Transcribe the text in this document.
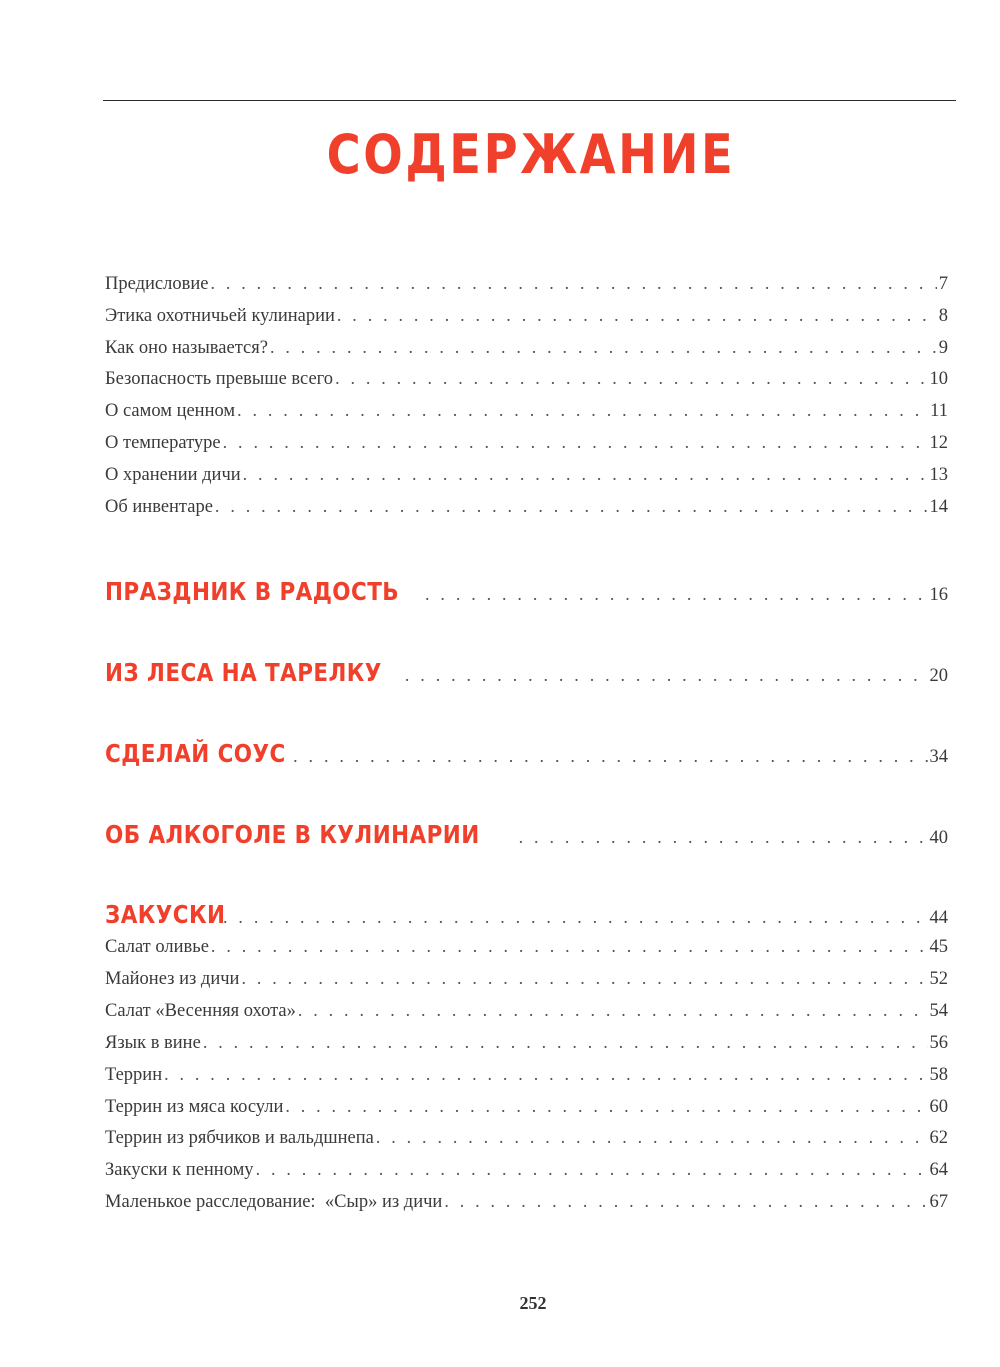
СОДЕРЖАНИЕ
Предисловие . . .	7
Этика охотничьей кулинарии . . .	8
Как оно называется? . . .	9
Безопасность превыше всего . . .	10
О самом ценном . . .	11
О температуре . . .	12
О хранении дичи . . .	13
Об инвентаре . . .	14
ПРАЗДНИК В РАДОСТЬ . . .	16
ИЗ ЛЕСА НА ТАРЕЛКУ . . .	20
СДЕЛАЙ СОУС . . .	34
ОБ АЛКОГОЛЕ В КУЛИНАРИИ . . .	40
ЗАКУСКИ . . .	44
Салат оливье . . .	45
Майонез из дичи . . .	52
Салат «Весенняя охота» . . .	54
Язык в вине . . .	56
Террин . . .	58
Террин из мяса косули . . .	60
Террин из рябчиков и вальдшнепа . . .	62
Закуски к пенному . . .	64
Маленькое расследование:  «Сыр» из дичи . . .	67
252
